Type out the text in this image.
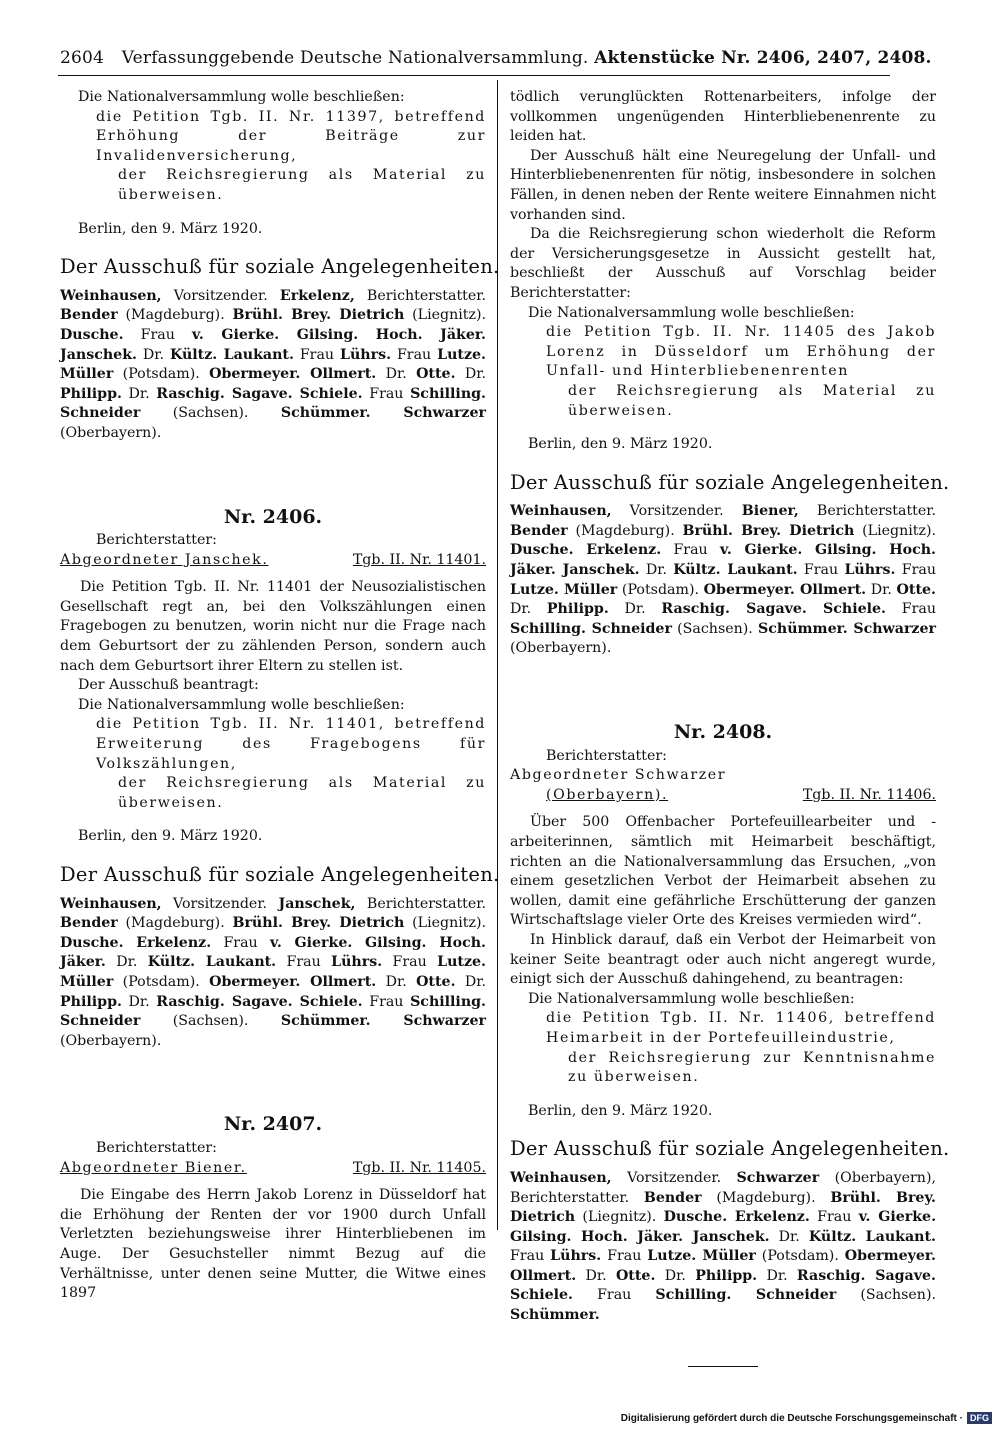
2604 Verfassunggebende Deutsche Nationalversammlung. Aktenstücke Nr. 2406, 2407, 2408.

Die Nationalversammlung wolle beschließen:

die Petition Tgb. II. Nr. 11397, betreffend Erhöhung der Beiträge zur Invalidenversicherung,

der Reichsregierung als Material zu überweisen.

Berlin, den 9. März 1920.

Der Ausschuß für soziale Angelegenheiten.

Weinhausen, Vorsitzender. Erkelenz, Berichterstatter. Bender (Magdeburg). Brühl. Brey. Dietrich (Liegnitz). Dusche. Frau v. Gierke. Gilsing. Hoch. Jäker. Janschek. Dr. Kültz. Laukant. Frau Lührs. Frau Lutze. Müller (Potsdam). Obermeyer. Ollmert. Dr. Otte. Dr. Philipp. Dr. Raschig. Sagave. Schiele. Frau Schilling. Schneider (Sachsen). Schümmer. Schwarzer (Oberbayern).

Nr. 2406.

Berichterstatter:

Abgeordneter Janschek.	Tgb. II. Nr. 11401.

Die Petition Tgb. II. Nr. 11401 der Neusozialistischen Gesellschaft regt an, bei den Volkszählungen einen Fragebogen zu benutzen, worin nicht nur die Frage nach dem Geburtsort der zu zählenden Person, sondern auch nach dem Geburtsort ihrer Eltern zu stellen ist.

Der Ausschuß beantragt:

Die Nationalversammlung wolle beschließen:

die Petition Tgb. II. Nr. 11401, betreffend Erweiterung des Fragebogens für Volkszählungen,

der Reichsregierung als Material zu überweisen.

Berlin, den 9. März 1920.

Der Ausschuß für soziale Angelegenheiten.

Weinhausen, Vorsitzender. Janschek, Berichterstatter. Bender (Magdeburg). Brühl. Brey. Dietrich (Liegnitz). Dusche. Erkelenz. Frau v. Gierke. Gilsing. Hoch. Jäker. Dr. Kültz. Laukant. Frau Lührs. Frau Lutze. Müller (Potsdam). Obermeyer. Ollmert. Dr. Otte. Dr. Philipp. Dr. Raschig. Sagave. Schiele. Frau Schilling. Schneider (Sachsen). Schümmer. Schwarzer (Oberbayern).

Nr. 2407.

Berichterstatter:

Abgeordneter Biener.	Tgb. II. Nr. 11405.

Die Eingabe des Herrn Jakob Lorenz in Düsseldorf hat die Erhöhung der Renten der vor 1900 durch Unfall Verletzten beziehungsweise ihrer Hinterbliebenen im Auge. Der Gesuchsteller nimmt Bezug auf die Verhältnisse, unter denen seine Mutter, die Witwe eines 1897

tödlich verunglückten Rottenarbeiters, infolge der vollkommen ungenügenden Hinterbliebenenrente zu leiden hat.

Der Ausschuß hält eine Neuregelung der Unfall- und Hinterbliebenenrenten für nötig, insbesondere in solchen Fällen, in denen neben der Rente weitere Einnahmen nicht vorhanden sind.

Da die Reichsregierung schon wiederholt die Reform der Versicherungsgesetze in Aussicht gestellt hat, beschließt der Ausschuß auf Vorschlag beider Berichterstatter:

Die Nationalversammlung wolle beschließen:

die Petition Tgb. II. Nr. 11405 des Jakob Lorenz in Düsseldorf um Erhöhung der Unfall- und Hinterbliebenenrenten

der Reichsregierung als Material zu überweisen.

Berlin, den 9. März 1920.

Der Ausschuß für soziale Angelegenheiten.

Weinhausen, Vorsitzender. Biener, Berichterstatter. Bender (Magdeburg). Brühl. Brey. Dietrich (Liegnitz). Dusche. Erkelenz. Frau v. Gierke. Gilsing. Hoch. Jäker. Janschek. Dr. Kültz. Laukant. Frau Lührs. Frau Lutze. Müller (Potsdam). Obermeyer. Ollmert. Dr. Otte. Dr. Philipp. Dr. Raschig. Sagave. Schiele. Frau Schilling. Schneider (Sachsen). Schümmer. Schwarzer (Oberbayern).

Nr. 2408.

Berichterstatter:

Abgeordneter Schwarzer

(Oberbayern).	Tgb. II. Nr. 11406.

Über 500 Offenbacher Portefeuillearbeiter und -arbeiterinnen, sämtlich mit Heimarbeit beschäftigt, richten an die Nationalversammlung das Ersuchen, „von einem gesetzlichen Verbot der Heimarbeit absehen zu wollen, damit eine gefährliche Erschütterung der ganzen Wirtschaftslage vieler Orte des Kreises vermieden wird“.

In Hinblick darauf, daß ein Verbot der Heimarbeit von keiner Seite beantragt oder auch nicht angeregt wurde, einigt sich der Ausschuß dahingehend, zu beantragen:

Die Nationalversammlung wolle beschließen:

die Petition Tgb. II. Nr. 11406, betreffend Heimarbeit in der Portefeuilleindustrie,

der Reichsregierung zur Kenntnisnahme zu überweisen.

Berlin, den 9. März 1920.

Der Ausschuß für soziale Angelegenheiten.

Weinhausen, Vorsitzender. Schwarzer (Oberbayern), Berichterstatter. Bender (Magdeburg). Brühl. Brey. Dietrich (Liegnitz). Dusche. Erkelenz. Frau v. Gierke. Gilsing. Hoch. Jäker. Janschek. Dr. Kültz. Laukant. Frau Lührs. Frau Lutze. Müller (Potsdam). Obermeyer. Ollmert. Dr. Otte. Dr. Philipp. Dr. Raschig. Sagave. Schiele. Frau Schilling. Schneider (Sachsen). Schümmer.

Digitalisierung gefördert durch die Deutsche Forschungsgemeinschaft · DFG
